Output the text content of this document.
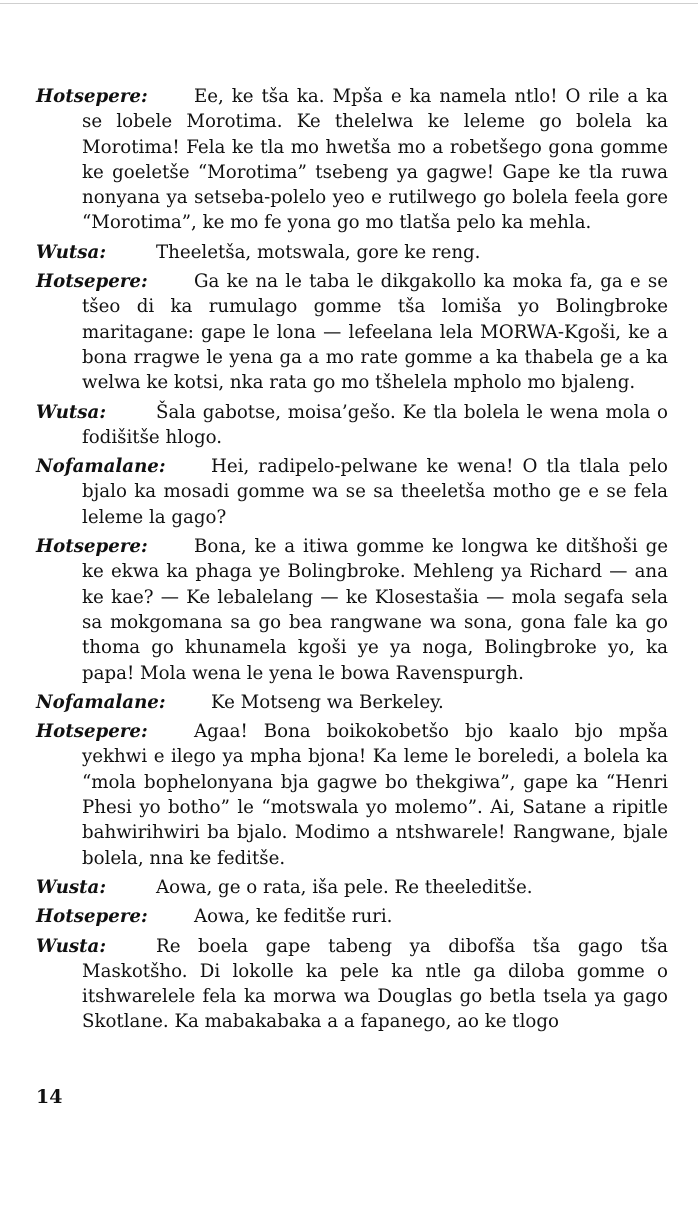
Hotsepere:	Ee, ke tša ka. Mpša e ka namela ntlo! O rile a ka se lobele Morotima. Ke thelelwa ke leleme go bolela ka Morotima! Fela ke tla mo hwetša mo a robetšego gona gomme ke goeletše “Morotima” tsebeng ya gagwe! Gape ke tla ruwa nonyana ya setseba-polelo yeo e rutilwego go bolela feela gore “Morotima”, ke mo fe yona go mo tlatša pelo ka mehla.

Wutsa:	Theeletša, motswala, gore ke reng.

Hotsepere:	Ga ke na le taba le dikgakollo ka moka fa, ga e se tšeo di ka rumulago gomme tša lomiša yo Bolingbroke maritagane: gape le lona — lefeelana lela MORWA-Kgoši, ke a bona rragwe le yena ga a mo rate gomme a ka thabela ge a ka welwa ke kotsi, nka rata go mo tšhelela mpholo mo bjaleng.

Wutsa:	Šala gabotse, moisa’gešo. Ke tla bolela le wena mola o fodišitše hlogo.

Nofamalane: Hei, radipelo-pelwane ke wena! O tla tlala pelo bjalo ka mosadi gomme wa se sa theeletša motho ge e se fela leleme la gago?

Hotsepere:	Bona, ke a itiwa gomme ke longwa ke ditšhoši ge ke ekwa ka phaga ye Bolingbroke. Mehleng ya Richard — ana ke kae? — Ke lebalelang — ke Klosestašia — mola segafa sela sa mokgomana sa go bea rangwane wa sona, gona fale ka go thoma go khunamela kgoši ye ya noga, Bolingbroke yo, ka papa! Mola wena le yena le bowa Ravenspurgh.

Nofamalane: Ke Motseng wa Berkeley.

Hotsepere:	Agaa! Bona boikokobetšo bjo kaalo bjo mpša yekhwi e ilego ya mpha bjona! Ka leme le boreledi, a bolela ka “mola bophelonyana bja gagwe bo thekgiwa”, gape ka “Henri Phesi yo botho” le “motswala yo molemo”. Ai, Satane a ripitle bahwirihwiri ba bjalo. Modimo a ntshwarele! Rangwane, bjale bolela, nna ke feditše.

Wusta:	Aowa, ge o rata, iša pele. Re theeleditše.

Hotsepere:	Aowa, ke feditše ruri.

Wusta:	Re boela gape tabeng ya dibofša tša gago tša Maskotšho. Di lokolle ka pele ka ntle ga diloba gomme o itshwarelele fela ka morwa wa Douglas go betla tsela ya gago Skotlane. Ka mabakabaka a a fapanego, ao ke tlogo

14
